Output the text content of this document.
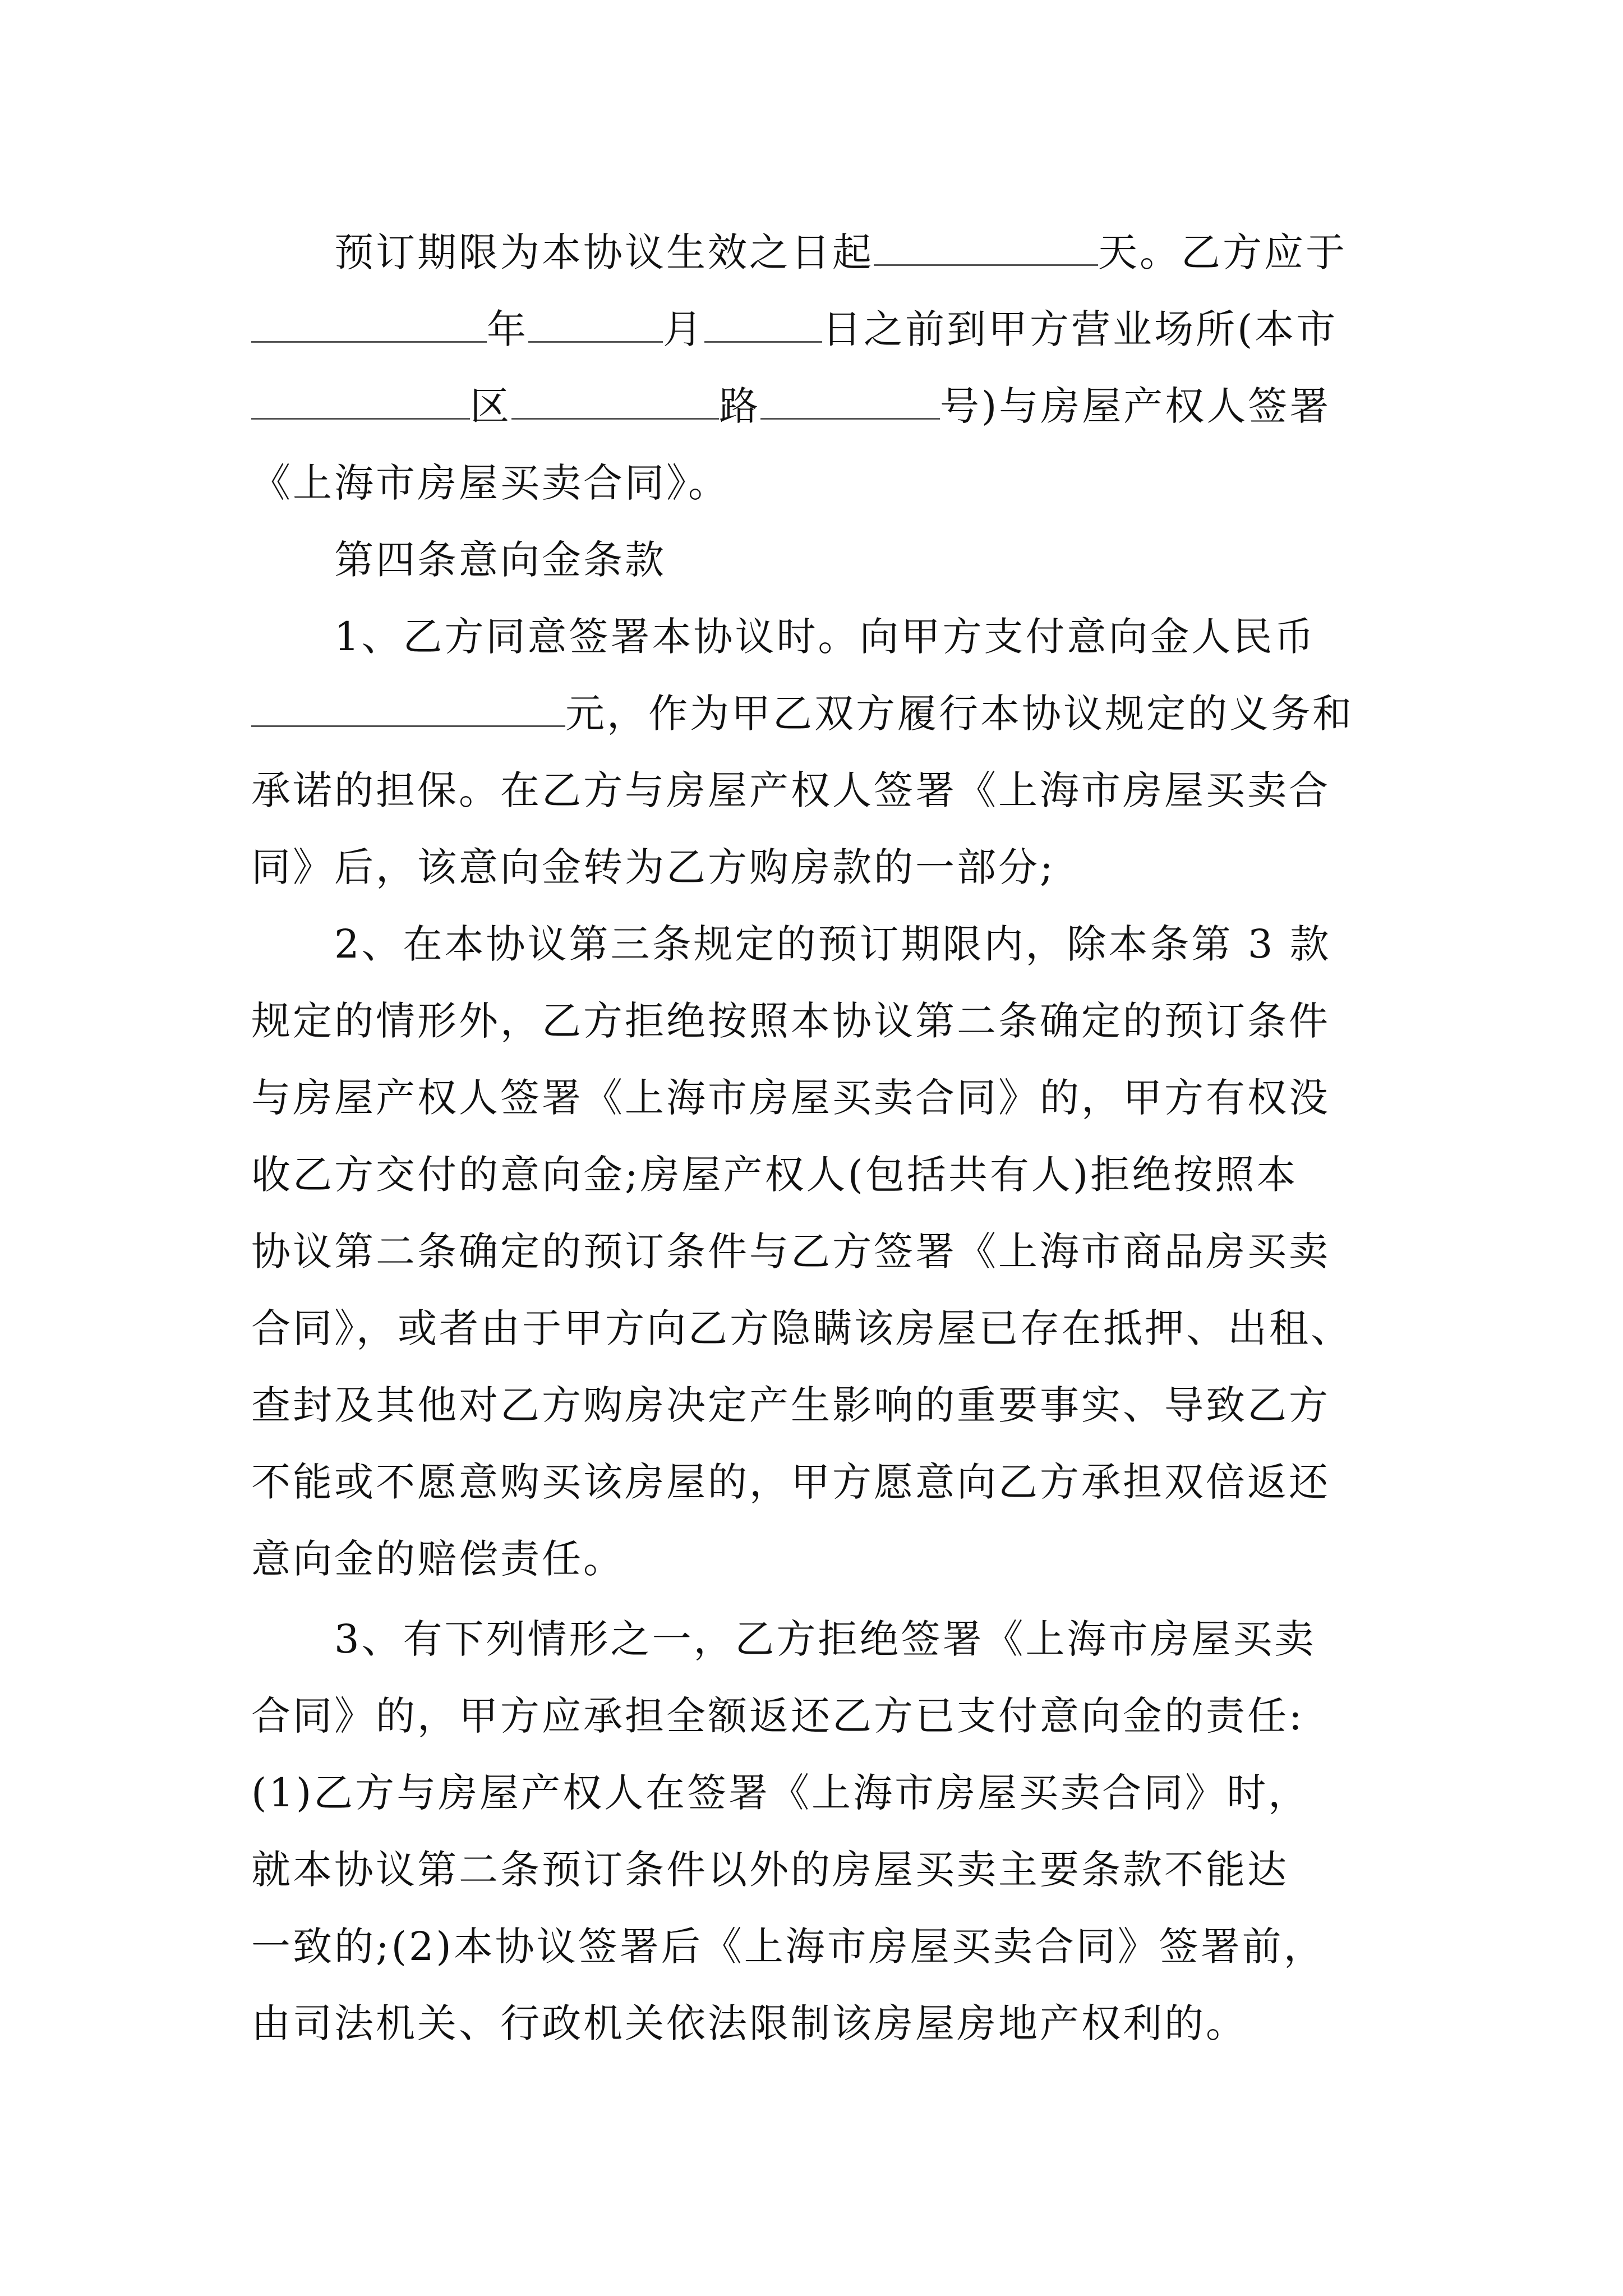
预订期限为本协议生效之日起	天。乙方应于
年	月	日之前到甲方营业场所(本市
区	路	号)与房屋产权人签署
《上海市房屋买卖合同》。
第四条意向金条款
1、乙方同意签署本协议时。向甲方支付意向金人民币
元，作为甲乙双方履行本协议规定的义务和
承诺的担保。在乙方与房屋产权人签署《上海市房屋买卖合
同》后，该意向金转为乙方购房款的一部分;
2、在本协议第三条规定的预订期限内，除本条第 3 款
规定的情形外，乙方拒绝按照本协议第二条确定的预订条件
与房屋产权人签署《上海市房屋买卖合同》的，甲方有权没
收乙方交付的意向金;房屋产权人(包括共有人)拒绝按照本
协议第二条确定的预订条件与乙方签署《上海市商品房买卖
合同》，或者由于甲方向乙方隐瞒该房屋已存在抵押、出租、
查封及其他对乙方购房决定产生影响的重要事实、导致乙方
不能或不愿意购买该房屋的，甲方愿意向乙方承担双倍返还
意向金的赔偿责任。
3、有下列情形之一，乙方拒绝签署《上海市房屋买卖
合同》的，甲方应承担全额返还乙方已支付意向金的责任:
(1)乙方与房屋产权人在签署《上海市房屋买卖合同》时，
就本协议第二条预订条件以外的房屋买卖主要条款不能达
一致的;(2)本协议签署后《上海市房屋买卖合同》签署前，
由司法机关、行政机关依法限制该房屋房地产权利的。
